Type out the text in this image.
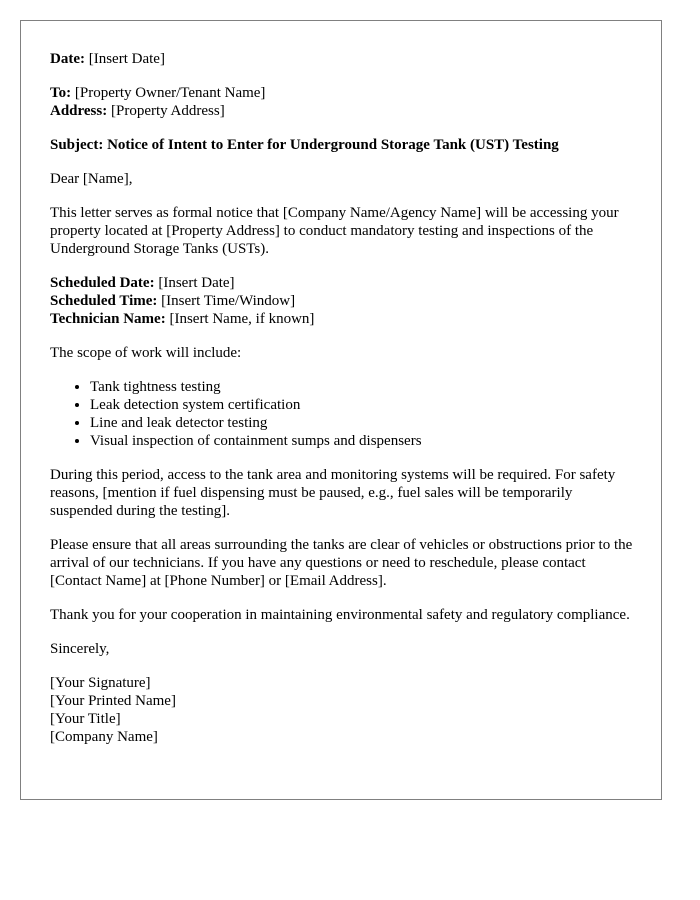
Date: [Insert Date]

To: [Property Owner/Tenant Name]

Address: [Property Address]

Subject: Notice of Intent to Enter for Underground Storage Tank (UST) Testing

Dear [Name],

This letter serves as formal notice that [Company Name/Agency Name] will be accessing your property located at [Property Address] to conduct mandatory testing and inspections of the Underground Storage Tanks (USTs).

Scheduled Date: [Insert Date]

Scheduled Time: [Insert Time/Window]

Technician Name: [Insert Name, if known]

The scope of work will include:

• Tank tightness testing
• Leak detection system certification
• Line and leak detector testing
• Visual inspection of containment sumps and dispensers

During this period, access to the tank area and monitoring systems will be required. For safety reasons, [mention if fuel dispensing must be paused, e.g., fuel sales will be temporarily suspended during the testing].

Please ensure that all areas surrounding the tanks are clear of vehicles or obstructions prior to the arrival of our technicians. If you have any questions or need to reschedule, please contact [Contact Name] at [Phone Number] or [Email Address].

Thank you for your cooperation in maintaining environmental safety and regulatory compliance.

Sincerely,

[Your Signature]

[Your Printed Name]

[Your Title]

[Company Name]
